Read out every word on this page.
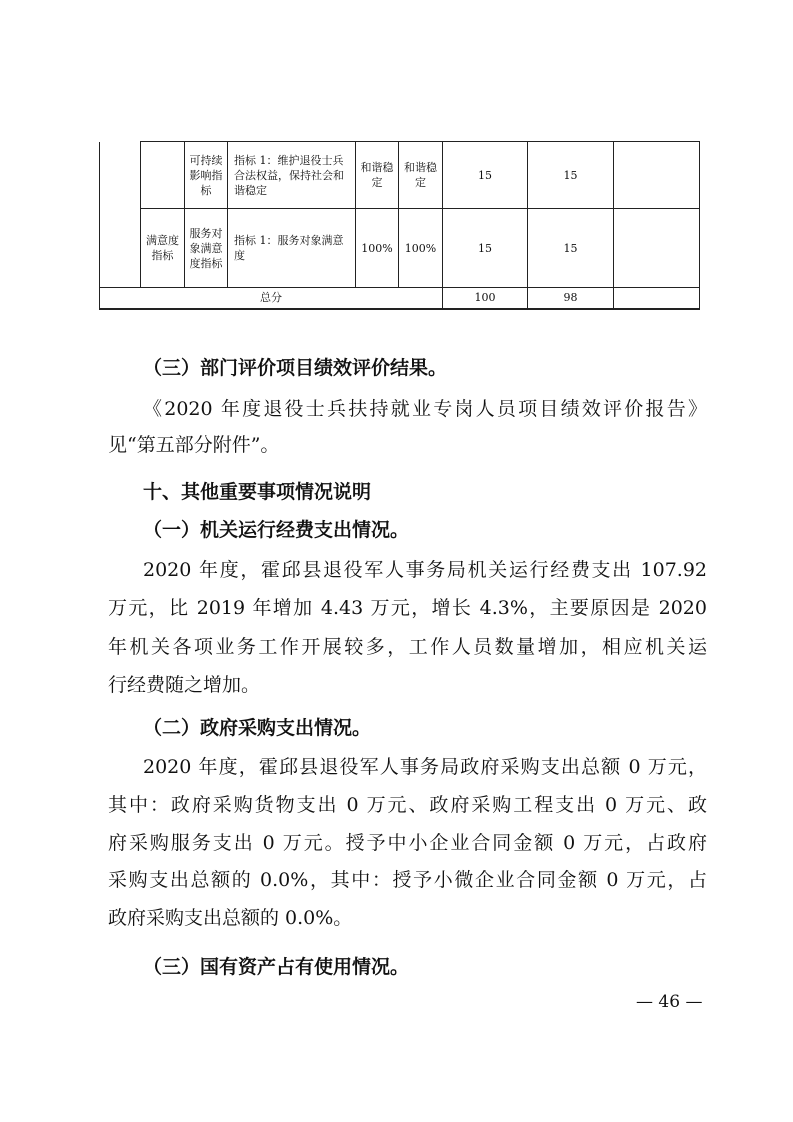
		可持续影响指标	指标 1：维护退役士兵合法权益，保持社会和谐稳定	和谐稳定	和谐稳定	15	15	
	满意度指标	服务对象满意度指标	指标 1：服务对象满意度	100%	100%	15	15	
总分						100	98	
（三）部门评价项目绩效评价结果。
《2020 年度退役士兵扶持就业专岗人员项目绩效评价报告》
见“第五部分附件”。
十、其他重要事项情况说明
（一）机关运行经费支出情况。
2020 年度，霍邱县退役军人事务局机关运行经费支出 107.92
万元，比 2019 年增加 4.43 万元，增长 4.3%，主要原因是 2020
年机关各项业务工作开展较多，工作人员数量增加，相应机关运
行经费随之增加。
（二）政府采购支出情况。
2020 年度，霍邱县退役军人事务局政府采购支出总额 0 万元，
其中：政府采购货物支出 0 万元、政府采购工程支出 0 万元、政
府采购服务支出 0 万元。授予中小企业合同金额 0 万元，占政府
采购支出总额的 0.0%，其中：授予小微企业合同金额 0 万元，占
政府采购支出总额的 0.0%。
（三）国有资产占有使用情况。
— 46 —
